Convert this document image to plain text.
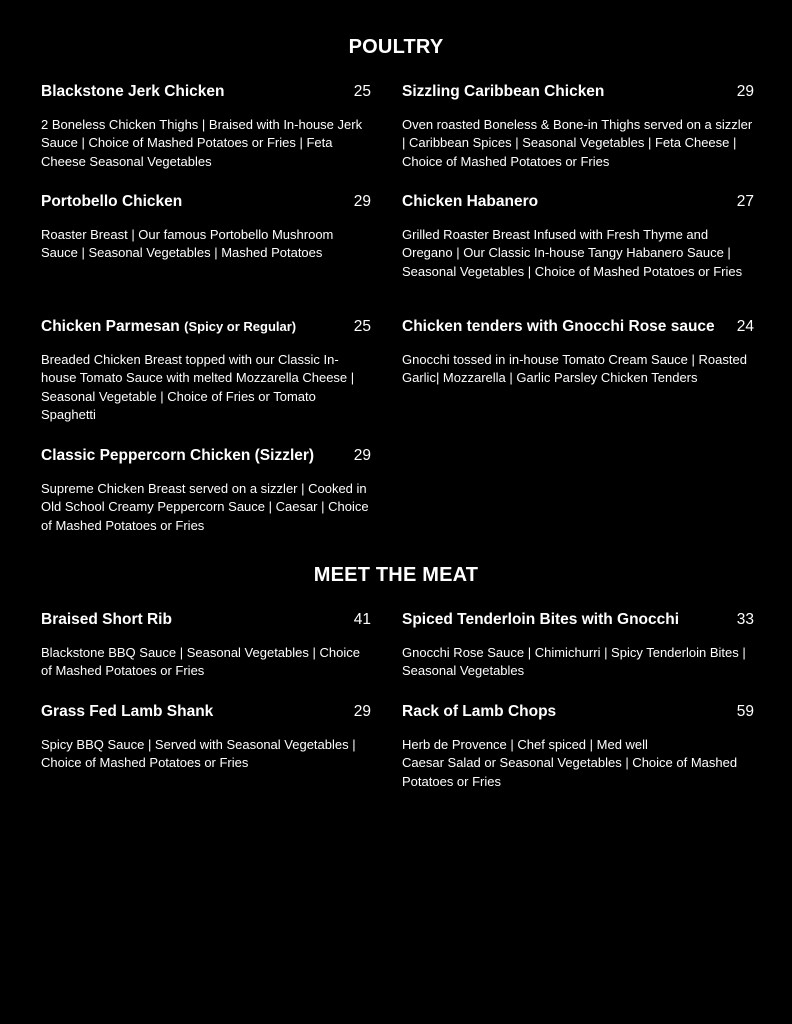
POULTRY
Blackstone Jerk Chicken	25
2 Boneless Chicken Thighs | Braised with In-house Jerk Sauce | Choice of Mashed Potatoes or Fries | Feta Cheese Seasonal Vegetables
Sizzling Caribbean Chicken	29
Oven roasted Boneless & Bone-in Thighs served on a sizzler | Caribbean Spices | Seasonal Vegetables | Feta Cheese | Choice of Mashed Potatoes or Fries
Portobello Chicken	29
Roaster Breast | Our famous Portobello Mushroom Sauce | Seasonal Vegetables | Mashed Potatoes
Chicken Habanero	27
Grilled Roaster Breast Infused with Fresh Thyme and Oregano | Our Classic In-house Tangy Habanero Sauce | Seasonal Vegetables | Choice of Mashed Potatoes or Fries
Chicken Parmesan (Spicy or Regular)	25
Breaded Chicken Breast topped with our Classic In-house Tomato Sauce with melted Mozzarella Cheese | Seasonal Vegetable | Choice of Fries or Tomato Spaghetti
Chicken tenders with Gnocchi Rose sauce 24
Gnocchi tossed in in-house Tomato Cream Sauce | Roasted Garlic| Mozzarella | Garlic Parsley Chicken Tenders
Classic Peppercorn Chicken (Sizzler)	29
Supreme Chicken Breast served on a sizzler | Cooked in Old School Creamy Peppercorn Sauce | Caesar | Choice of Mashed Potatoes or Fries
MEET THE MEAT
Braised Short Rib	41
Blackstone BBQ Sauce | Seasonal Vegetables | Choice of Mashed Potatoes or Fries
Spiced Tenderloin Bites with Gnocchi	33
Gnocchi Rose Sauce | Chimichurri | Spicy Tenderloin Bites | Seasonal Vegetables
Grass Fed Lamb Shank	29
Spicy BBQ Sauce | Served with Seasonal Vegetables | Choice of Mashed Potatoes or Fries
Rack of Lamb Chops	59
Herb de Provence | Chef spiced | Med well
Caesar Salad or Seasonal Vegetables | Choice of Mashed Potatoes or Fries
